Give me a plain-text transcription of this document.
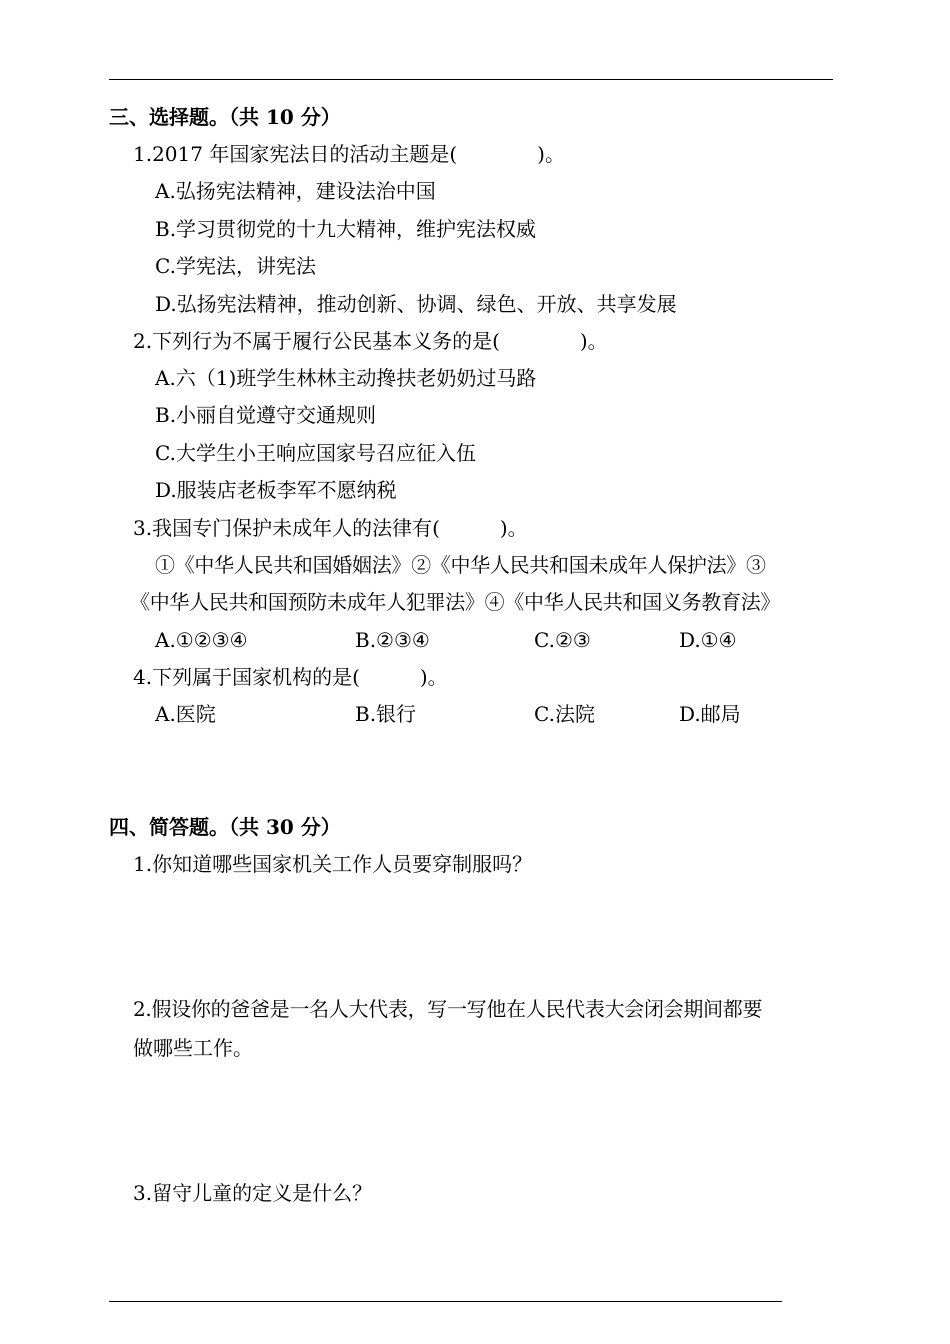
三、选择题。（共 10 分）
1.2017 年国家宪法日的活动主题是(　　　　)。
A.弘扬宪法精神，建设法治中国
B.学习贯彻党的十九大精神，维护宪法权威
C.学宪法，讲宪法
D.弘扬宪法精神，推动创新、协调、绿色、开放、共享发展
2.下列行为不属于履行公民基本义务的是(　　　　)。
A.六（1)班学生林林主动搀扶老奶奶过马路
B.小丽自觉遵守交通规则
C.大学生小王响应国家号召应征入伍
D.服装店老板李军不愿纳税
3.我国专门保护未成年人的法律有(　　　)。
①《中华人民共和国婚姻法》②《中华人民共和国未成年人保护法》③
《中华人民共和国预防未成年人犯罪法》④《中华人民共和国义务教育法》
A.①②③④	B.②③④	C.②③	D.①④
4.下列属于国家机构的是(　　　)。
A.医院	B.银行	C.法院	D.邮局
四、简答题。（共 30 分）
1.你知道哪些国家机关工作人员要穿制服吗？
2.假设你的爸爸是一名人大代表，写一写他在人民代表大会闭会期间都要
做哪些工作。
3.留守儿童的定义是什么？
